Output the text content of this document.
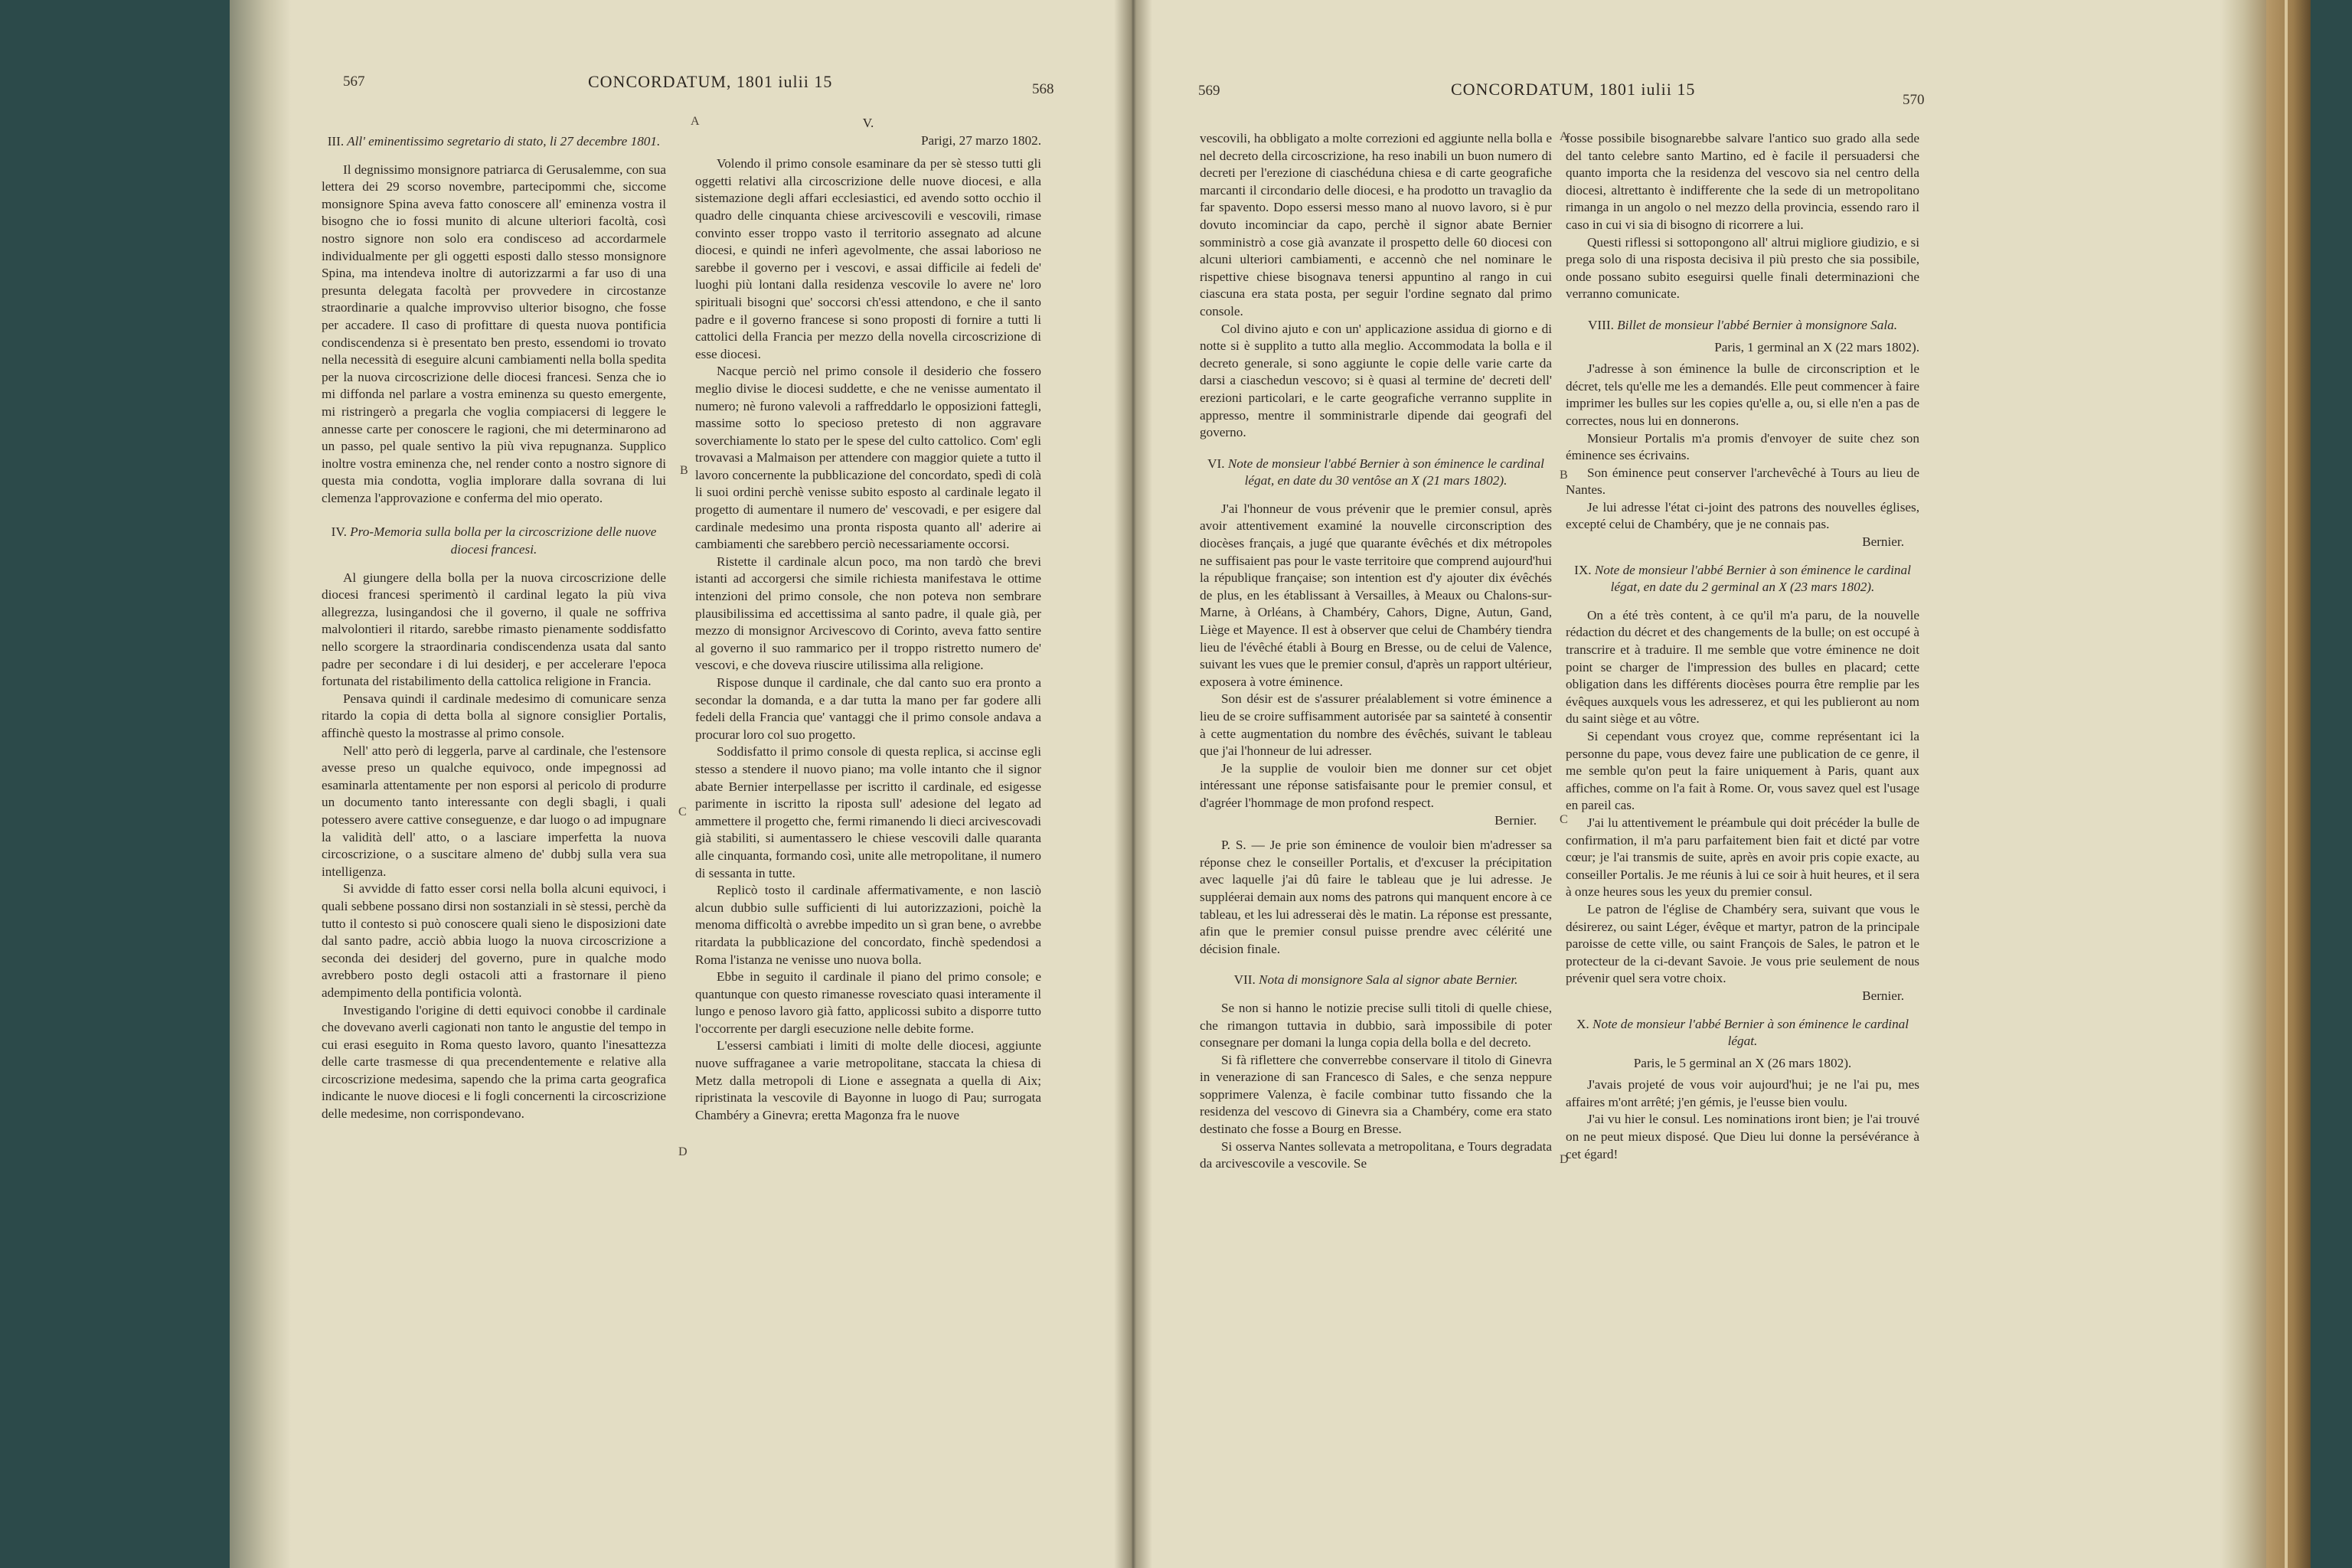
567	CONCORDATUM, 1801 iulii 15	568
A
B
C
D

III. All' eminentissimo segretario di stato, li 27 decembre 1801.

Il degnissimo monsignore patriarca di Gerusalemme, con sua lettera dei 29 scorso novembre, partecipommi che, siccome monsignore Spina aveva fatto conoscere all' eminenza vostra il bisogno che io fossi munito di alcune ulteriori facoltà, così nostro signore non solo era condisceso ad accordarmele individualmente per gli oggetti esposti dallo stesso monsignore Spina, ma intendeva inoltre di autorizzarmi a far uso di una presunta delegata facoltà per provvedere in circostanze straordinarie a qualche improvviso ulterior bisogno, che fosse per accadere. Il caso di profittare di questa nuova pontificia condiscendenza si è presentato ben presto, essendomi io trovato nella necessità di eseguire alcuni cambiamenti nella bolla spedita per la nuova circoscrizione delle diocesi francesi. Senza che io mi diffonda nel parlare a vostra eminenza su questo emergente, mi ristringerò a pregarla che voglia compiacersi di leggere le annesse carte per conoscere le ragioni, che mi determinarono ad un passo, pel quale sentivo la più viva repugnanza. Supplico inoltre vostra eminenza che, nel render conto a nostro signore di questa mia condotta, voglia implorare dalla sovrana di lui clemenza l'approvazione e conferma del mio operato.

IV. Pro-Memoria sulla bolla per la circoscrizione delle nuove diocesi francesi.

Al giungere della bolla per la nuova circoscrizione delle diocesi francesi sperimentò il cardinal legato la più viva allegrezza, lusingandosi che il governo, il quale ne soffriva malvolontieri il ritardo, sarebbe rimasto pienamente soddisfatto nello scorgere la straordinaria condiscendenza usata dal santo padre per secondare i di lui desiderj, e per accelerare l'epoca fortunata del ristabilimento della cattolica religione in Francia.

Pensava quindi il cardinale medesimo di comunicare senza ritardo la copia di detta bolla al signore consiglier Portalis, affinchè questo la mostrasse al primo console.

Nell' atto però di leggerla, parve al cardinale, che l'estensore avesse preso un qualche equivoco, onde impegnossi ad esaminarla attentamente per non esporsi al pericolo di produrre un documento tanto interessante con degli sbagli, i quali potessero avere cattive conseguenze, e dar luogo o ad impugnare la validità dell' atto, o a lasciare imperfetta la nuova circoscrizione, o a suscitare almeno de' dubbj sulla vera sua intelligenza.

Si avvidde di fatto esser corsi nella bolla alcuni equivoci, i quali sebbene possano dirsi non sostanziali in sè stessi, perchè da tutto il contesto si può conoscere quali sieno le disposizioni date dal santo padre, acciò abbia luogo la nuova circoscrizione a seconda dei desiderj del governo, pure in qualche modo avrebbero posto degli ostacoli atti a frastornare il pieno adempimento della pontificia volontà.

Investigando l'origine di detti equivoci conobbe il cardinale che dovevano averli cagionati non tanto le angustie del tempo in cui erasi eseguito in Roma questo lavoro, quanto l'inesattezza delle carte trasmesse di qua precendentemente e relative alla circoscrizione medesima, sapendo che la prima carta geografica indicante le nuove diocesi e li fogli concernenti la circoscrizione delle medesime, non corrispondevano.

V.

Parigi, 27 marzo 1802.

Volendo il primo console esaminare da per sè stesso tutti gli oggetti relativi alla circoscrizione delle nuove diocesi, e alla sistemazione degli affari ecclesiastici, ed avendo sotto occhio il quadro delle cinquanta chiese arcivescovili e vescovili, rimase convinto esser troppo vasto il territorio assegnato ad alcune diocesi, e quindi ne inferì agevolmente, che assai laborioso ne sarebbe il governo per i vescovi, e assai difficile ai fedeli de' luoghi più lontani dalla residenza vescovile lo avere ne' loro spirituali bisogni que' soccorsi ch'essi attendono, e che il santo padre e il governo francese si sono proposti di fornire a tutti li cattolici della Francia per mezzo della novella circoscrizione di esse diocesi.

Nacque perciò nel primo console il desiderio che fossero meglio divise le diocesi suddette, e che ne venisse aumentato il numero; nè furono valevoli a raffreddarlo le opposizioni fattegli, massime sotto lo specioso pretesto di non aggravare soverchiamente lo stato per le spese del culto cattolico. Com' egli trovavasi a Malmaison per attendere con maggior quiete a tutto il lavoro concernente la pubblicazione del concordato, spedì di colà li suoi ordini perchè venisse subito esposto al cardinale legato il progetto di aumentare il numero de' vescovadi, e per esigere dal cardinale medesimo una pronta risposta quanto all' aderire ai cambiamenti che sarebbero perciò necessariamente occorsi.

Ristette il cardinale alcun poco, ma non tardò che brevi istanti ad accorgersi che simile richiesta manifestava le ottime intenzioni del primo console, che non poteva non sembrare plausibilissima ed accettissima al santo padre, il quale già, per mezzo di monsignor Arcivescovo di Corinto, aveva fatto sentire al governo il suo rammarico per il troppo ristretto numero de' vescovi, e che doveva riuscire utilissima alla religione.

Rispose dunque il cardinale, che dal canto suo era pronto a secondar la domanda, e a dar tutta la mano per far godere alli fedeli della Francia que' vantaggi che il primo console andava a procurar loro col suo progetto.

Soddisfatto il primo console di questa replica, si accinse egli stesso a stendere il nuovo piano; ma volle intanto che il signor abate Bernier interpellasse per iscritto il cardinale, ed esigesse parimente in iscritto la riposta sull' adesione del legato ad ammettere il progetto che, fermi rimanendo li dieci arcivescovadi già stabiliti, si aumentassero le chiese vescovili dalle quaranta alle cinquanta, formando così, unite alle metropolitane, il numero di sessanta in tutte.

Replicò tosto il cardinale affermativamente, e non lasciò alcun dubbio sulle sufficienti di lui autorizzazioni, poichè la menoma difficoltà o avrebbe impedito un sì gran bene, o avrebbe ritardata la pubblicazione del concordato, finchè spedendosi a Roma l'istanza ne venisse uno nuova bolla.

Ebbe in seguito il cardinale il piano del primo console; e quantunque con questo rimanesse rovesciato quasi interamente il lungo e penoso lavoro già fatto, applicossi subito a disporre tutto l'occorrente per dargli esecuzione nelle debite forme.

L'essersi cambiati i limiti di molte delle diocesi, aggiunte nuove suffraganee a varie metropolitane, staccata la chiesa di Metz dalla metropoli di Lione e assegnata a quella di Aix; ripristinata la vescovile di Bayonne in luogo di Pau; surrogata Chambéry a Ginevra; eretta Magonza fra le nuove

569	CONCORDATUM, 1801 iulii 15
570
A
B
C
D

vescovili, ha obbligato a molte correzioni ed aggiunte nella bolla e nel decreto della circoscrizione, ha reso inabili un buon numero di decreti per l'erezione di ciaschéduna chiesa e di carte geografiche marcanti il circondario delle diocesi, e ha prodotto un travaglio da far spavento. Dopo essersi messo mano al nuovo lavoro, si è pur dovuto incominciar da capo, perchè il signor abate Bernier somministrò a cose già avanzate il prospetto delle 60 diocesi con alcuni ulteriori cambiamenti, e accennò che nel nominare le rispettive chiese bisognava tenersi appuntino al rango in cui ciascuna era stata posta, per seguir l'ordine segnato dal primo console.

Col divino ajuto e con un' applicazione assidua di giorno e di notte si è supplito a tutto alla meglio. Accommodata la bolla e il decreto generale, si sono aggiunte le copie delle varie carte da darsi a ciaschedun vescovo; si è quasi al termine de' decreti dell' erezioni particolari, e le carte geografiche verranno supplite in appresso, mentre il somministrarle dipende dai geografi del governo.

VI. Note de monsieur l'abbé Bernier à son éminence le cardinal légat, en date du 30 ventôse an X (21 mars 1802).

J'ai l'honneur de vous prévenir que le premier consul, après avoir attentivement examiné la nouvelle circonscription des diocèses français, a jugé que quarante évêchés et dix métropoles ne suffisaient pas pour le vaste territoire que comprend aujourd'hui la république française; son intention est d'y ajouter dix évêchés de plus, en les établissant à Versailles, à Meaux ou Chalons-sur-Marne, à Orléans, à Chambéry, Cahors, Digne, Autun, Gand, Liège et Mayence. Il est à observer que celui de Chambéry tiendra lieu de l'évêché établi à Bourg en Bresse, ou de celui de Valence, suivant les vues que le premier consul, d'après un rapport ultérieur, exposera à votre éminence.

Son désir est de s'assurer préalablement si votre éminence a lieu de se croire suffisamment autorisée par sa sainteté à consentir à cette augmentation du nombre des évêchés, suivant le tableau que j'ai l'honneur de lui adresser.

Je la supplie de vouloir bien me donner sur cet objet intéressant une réponse satisfaisante pour le premier consul, et d'agréer l'hommage de mon profond respect.

Bernier.

P. S. — Je prie son éminence de vouloir bien m'adresser sa réponse chez le conseiller Portalis, et d'excuser la précipitation avec laquelle j'ai dû faire le tableau que je lui adresse. Je suppléerai demain aux noms des patrons qui manquent encore à ce tableau, et les lui adresserai dès le matin. La réponse est pressante, afin que le premier consul puisse prendre avec célérité une décision finale.

VII. Nota di monsignore Sala al signor abate Bernier.

Se non si hanno le notizie precise sulli titoli di quelle chiese, che rimangon tuttavia in dubbio, sarà impossibile di poter consegnare per domani la lunga copia della bolla e del decreto.

Si fà riflettere che converrebbe conservare il titolo di Ginevra in venerazione di san Francesco di Sales, e che senza neppure sopprimere Valenza, è facile combinar tutto fissando che la residenza del vescovo di Ginevra sia a Chambéry, come era stato destinato che fosse a Bourg en Bresse.

Si osserva Nantes sollevata a metropolitana, e Tours degradata da arcivescovile a vescovile. Se

fosse possibile bisognarebbe salvare l'antico suo grado alla sede del tanto celebre santo Martino, ed è facile il persuadersi che quanto importa che la residenza del vescovo sia nel centro della diocesi, altrettanto è indifferente che la sede di un metropolitano rimanga in un angolo o nel mezzo della provincia, essendo raro il caso in cui vi sia di bisogno di ricorrere a lui.

Questi riflessi si sottopongono all' altrui migliore giudizio, e si prega solo di una risposta decisiva il più presto che sia possibile, onde possano subito eseguirsi quelle finali determinazioni che verranno comunicate.

VIII. Billet de monsieur l'abbé Bernier à monsignore Sala.

Paris, 1 germinal an X (22 mars 1802).

J'adresse à son éminence la bulle de circonscription et le décret, tels qu'elle me les a demandés. Elle peut commencer à faire imprimer les bulles sur les copies qu'elle a, ou, si elle n'en a pas de correctes, nous lui en donnerons.

Monsieur Portalis m'a promis d'envoyer de suite chez son éminence ses écrivains.

Son éminence peut conserver l'archevêché à Tours au lieu de Nantes.

Je lui adresse l'état ci-joint des patrons des nouvelles églises, excepté celui de Chambéry, que je ne connais pas.

Bernier.

IX. Note de monsieur l'abbé Bernier à son éminence le cardinal légat, en date du 2 germinal an X (23 mars 1802).

On a été très content, à ce qu'il m'a paru, de la nouvelle rédaction du décret et des changements de la bulle; on est occupé à transcrire et à traduire. Il me semble que votre éminence ne doit point se charger de l'impression des bulles en placard; cette obligation dans les différents diocèses pourra être remplie par les évêques auxquels vous les adresserez, et qui les publieront au nom du saint siège et au vôtre.

Si cependant vous croyez que, comme représentant ici la personne du pape, vous devez faire une publication de ce genre, il me semble qu'on peut la faire uniquement à Paris, quant aux affiches, comme on l'a fait à Rome. Or, vous savez quel est l'usage en pareil cas.

J'ai lu attentivement le préambule qui doit précéder la bulle de confirmation, il m'a paru parfaitement bien fait et dicté par votre cœur; je l'ai transmis de suite, après en avoir pris copie exacte, au conseiller Portalis. Je me réunis à lui ce soir à huit heures, et il sera à onze heures sous les yeux du premier consul.

Le patron de l'église de Chambéry sera, suivant que vous le désirerez, ou saint Léger, évêque et martyr, patron de la principale paroisse de cette ville, ou saint François de Sales, le patron et le protecteur de la ci-devant Savoie. Je vous prie seulement de nous prévenir quel sera votre choix.

Bernier.

X. Note de monsieur l'abbé Bernier à son éminence le cardinal légat.

Paris, le 5 germinal an X (26 mars 1802).

J'avais projeté de vous voir aujourd'hui; je ne l'ai pu, mes affaires m'ont arrêté; j'en gémis, je l'eusse bien voulu.

J'ai vu hier le consul. Les nominations iront bien; je l'ai trouvé on ne peut mieux disposé. Que Dieu lui donne la persévérance à cet égard!
